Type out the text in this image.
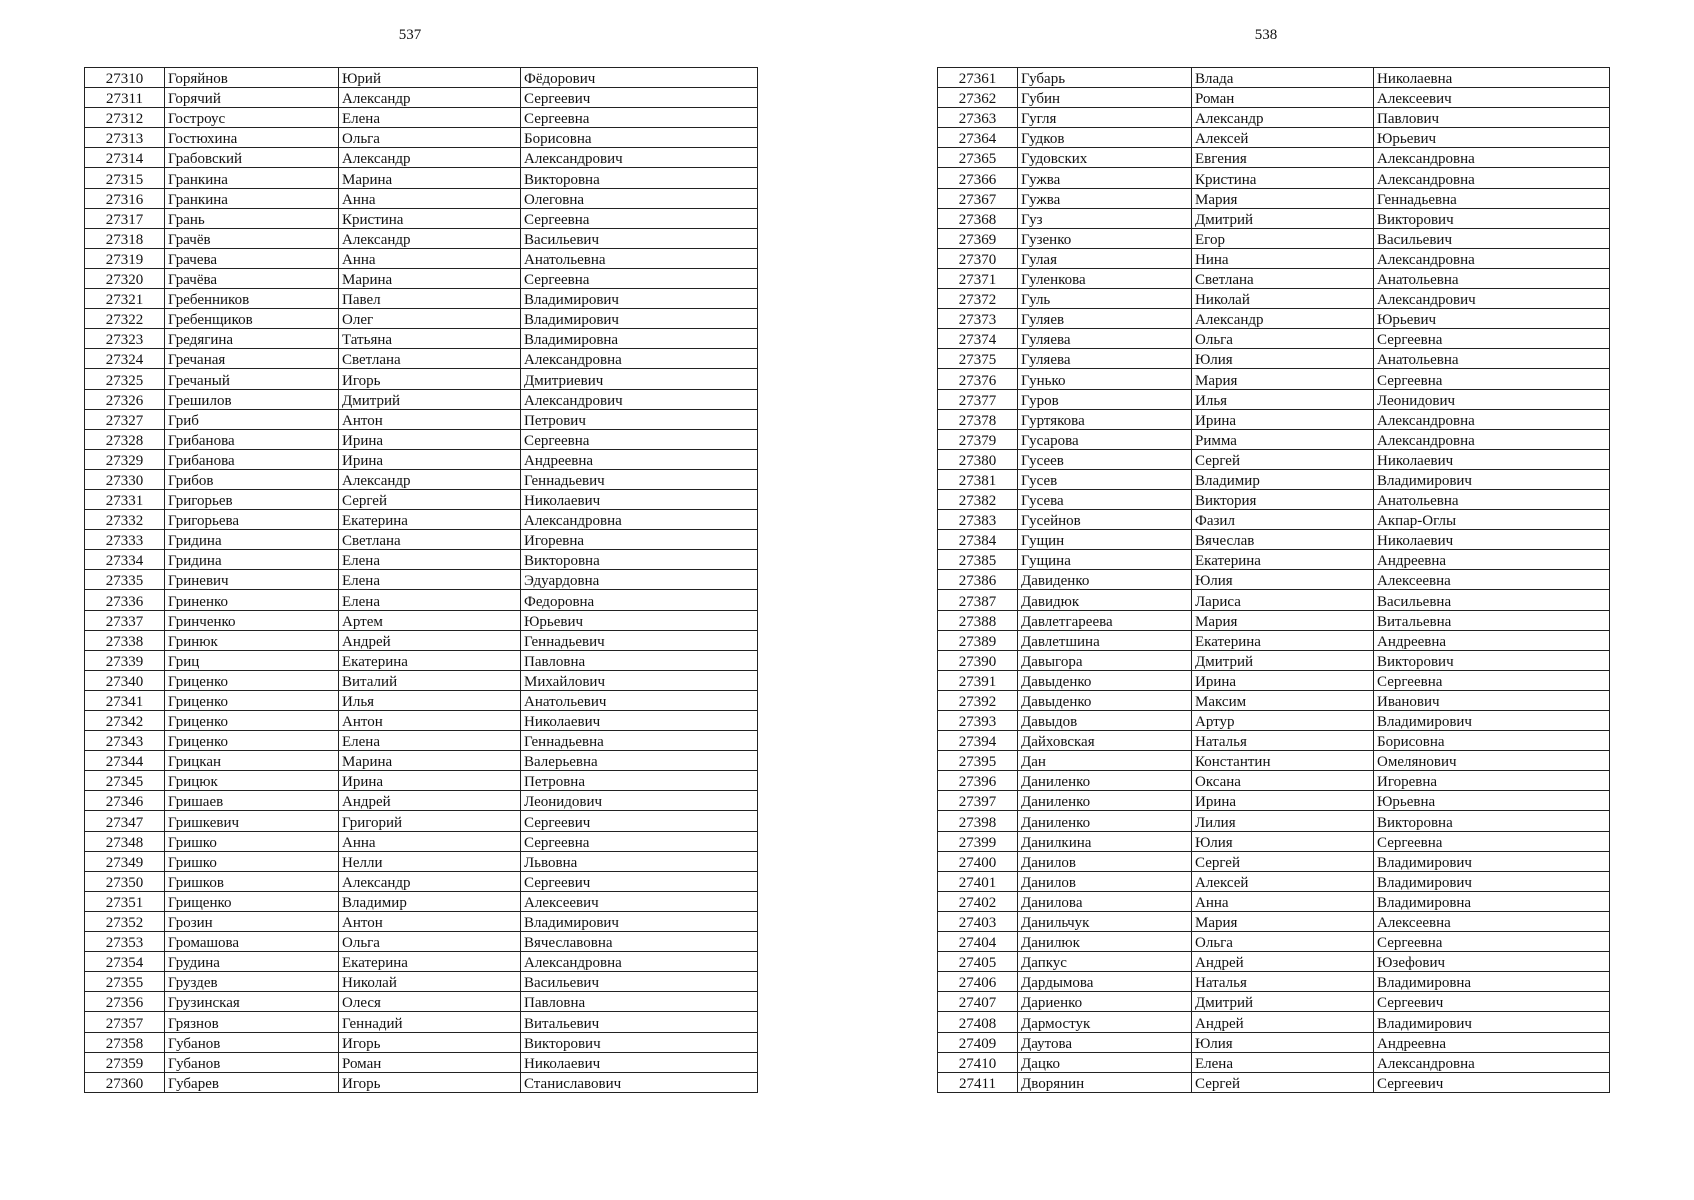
537	538
27310	Горяйнов	Юрий	Фёдорович
27311	Горячий	Александр	Сергеевич
27312	Гостроус	Елена	Сергеевна
27313	Гостюхина	Ольга	Борисовна
27314	Грабовский	Александр	Александрович
27315	Гранкина	Марина	Викторовна
27316	Гранкина	Анна	Олеговна
27317	Грань	Кристина	Сергеевна
27318	Грачёв	Александр	Васильевич
27319	Грачева	Анна	Анатольевна
27320	Грачёва	Марина	Сергеевна
27321	Гребенников	Павел	Владимирович
27322	Гребенщиков	Олег	Владимирович
27323	Гредягина	Татьяна	Владимировна
27324	Гречаная	Светлана	Александровна
27325	Гречаный	Игорь	Дмитриевич
27326	Грешилов	Дмитрий	Александрович
27327	Гриб	Антон	Петрович
27328	Грибанова	Ирина	Сергеевна
27329	Грибанова	Ирина	Андреевна
27330	Грибов	Александр	Геннадьевич
27331	Григорьев	Сергей	Николаевич
27332	Григорьева	Екатерина	Александровна
27333	Гридина	Светлана	Игоревна
27334	Гридина	Елена	Викторовна
27335	Гриневич	Елена	Эдуардовна
27336	Гриненко	Елена	Федоровна
27337	Гринченко	Артем	Юрьевич
27338	Гринюк	Андрей	Геннадьевич
27339	Гриц	Екатерина	Павловна
27340	Гриценко	Виталий	Михайлович
27341	Гриценко	Илья	Анатольевич
27342	Гриценко	Антон	Николаевич
27343	Гриценко	Елена	Геннадьевна
27344	Грицкан	Марина	Валерьевна
27345	Грицюк	Ирина	Петровна
27346	Гришаев	Андрей	Леонидович
27347	Гришкевич	Григорий	Сергеевич
27348	Гришко	Анна	Сергеевна
27349	Гришко	Нелли	Львовна
27350	Гришков	Александр	Сергеевич
27351	Грищенко	Владимир	Алексеевич
27352	Грозин	Антон	Владимирович
27353	Громашова	Ольга	Вячеславовна
27354	Грудина	Екатерина	Александровна
27355	Груздев	Николай	Васильевич
27356	Грузинская	Олеся	Павловна
27357	Грязнов	Геннадий	Витальевич
27358	Губанов	Игорь	Викторович
27359	Губанов	Роман	Николаевич
27360	Губарев	Игорь	Станиславович
27361	Губарь	Влада	Николаевна
27362	Губин	Роман	Алексеевич
27363	Гугля	Александр	Павлович
27364	Гудков	Алексей	Юрьевич
27365	Гудовских	Евгения	Александровна
27366	Гужва	Кристина	Александровна
27367	Гужва	Мария	Геннадьевна
27368	Гуз	Дмитрий	Викторович
27369	Гузенко	Егор	Васильевич
27370	Гулая	Нина	Александровна
27371	Гуленкова	Светлана	Анатольевна
27372	Гуль	Николай	Александрович
27373	Гуляев	Александр	Юрьевич
27374	Гуляева	Ольга	Сергеевна
27375	Гуляева	Юлия	Анатольевна
27376	Гунько	Мария	Сергеевна
27377	Гуров	Илья	Леонидович
27378	Гуртякова	Ирина	Александровна
27379	Гусарова	Римма	Александровна
27380	Гусеев	Сергей	Николаевич
27381	Гусев	Владимир	Владимирович
27382	Гусева	Виктория	Анатольевна
27383	Гусейнов	Фазил	Акпар-Оглы
27384	Гущин	Вячеслав	Николаевич
27385	Гущина	Екатерина	Андреевна
27386	Давиденко	Юлия	Алексеевна
27387	Давидюк	Лариса	Васильевна
27388	Давлетгареева	Мария	Витальевна
27389	Давлетшина	Екатерина	Андреевна
27390	Давыгора	Дмитрий	Викторович
27391	Давыденко	Ирина	Сергеевна
27392	Давыденко	Максим	Иванович
27393	Давыдов	Артур	Владимирович
27394	Дайховская	Наталья	Борисовна
27395	Дан	Константин	Омелянович
27396	Даниленко	Оксана	Игоревна
27397	Даниленко	Ирина	Юрьевна
27398	Даниленко	Лилия	Викторовна
27399	Данилкина	Юлия	Сергеевна
27400	Данилов	Сергей	Владимирович
27401	Данилов	Алексей	Владимирович
27402	Данилова	Анна	Владимировна
27403	Данильчук	Мария	Алексеевна
27404	Данилюк	Ольга	Сергеевна
27405	Дапкус	Андрей	Юзефович
27406	Дардымова	Наталья	Владимировна
27407	Дариенко	Дмитрий	Сергеевич
27408	Дармостук	Андрей	Владимирович
27409	Даутова	Юлия	Андреевна
27410	Дацко	Елена	Александровна
27411	Дворянин	Сергей	Сергеевич
